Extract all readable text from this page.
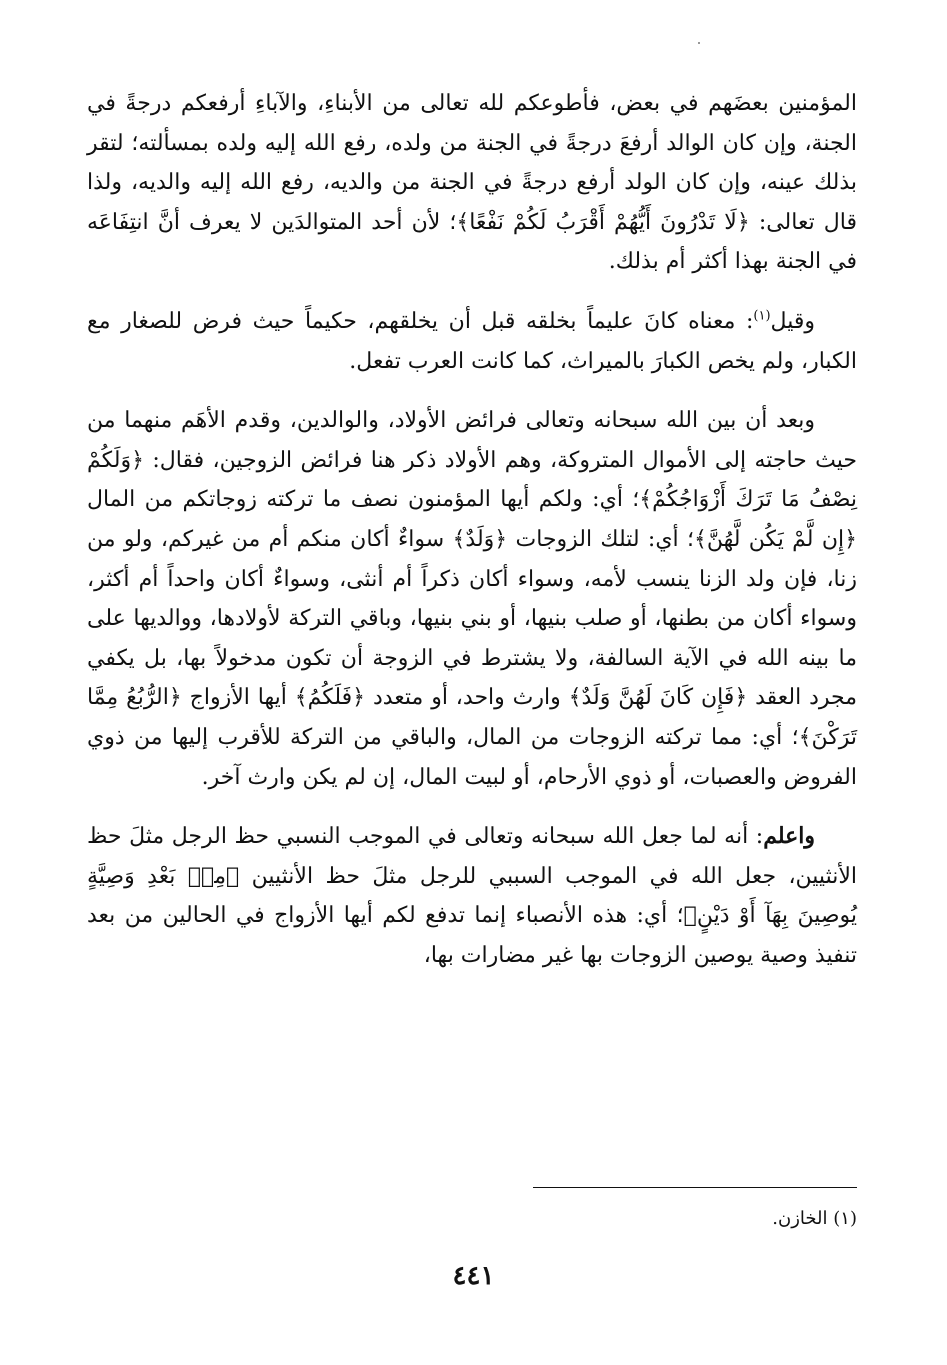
المؤمنين بعضَهم في بعض، فأطوعكم لله تعالى من الأبناءِ، والآباءِ أرفعكم درجةً في الجنة، وإن كان الوالد أرفعَ درجةً في الجنة من ولده، رفع الله إليه ولده بمسألته؛ لتقر بذلك عينه، وإن كان الولد أرفع درجةً في الجنة من والديه، رفع الله إليه والديه، ولذا قال تعالى: ﴿لَا تَدْرُونَ أَيُّهُمْ أَقْرَبُ لَكُمْ نَفْعًا﴾؛ لأن أحد المتوالدَين لا يعرف أنَّ انتِفَاعَه في الجنة بهذا أكثر أم بذلك.

وقيل$^{(١)}$: معناه كانَ عليماً بخلقه قبل أن يخلقهم، حكيماً حيث فرض للصغار مع الكبار، ولم يخص الكبارَ بالميراث، كما كانت العرب تفعل.

وبعد أن بين الله سبحانه وتعالى فرائض الأولاد، والوالدين، وقدم الأهَم منهما من حيث حاجته إلى الأموال المتروكة، وهم الأولاد ذكر هنا فرائض الزوجين، فقال: ﴿وَلَكُمْ نِصْفُ مَا تَرَكَ أَزْوَاجُكُمْ﴾؛ أي: ولكم أيها المؤمنون نصف ما تركته زوجاتكم من المال ﴿إِن لَّمْ يَكُن لَّهُنَّ﴾؛ أي: لتلك الزوجات ﴿وَلَدٌ﴾ سواءٌ أكان منكم أم من غيركم، ولو من زنا، فإن ولد الزنا ينسب لأمه، وسواء أكان ذكراً أم أنثى، وسواءٌ أكان واحداً أم أكثر، وسواء أكان من بطنها، أو صلب بنيها، أو بني بنيها، وباقي التركة لأولادها، ووالديها على ما بينه الله في الآية السالفة، ولا يشترط في الزوجة أن تكون مدخولاً بها، بل يكفي مجرد العقد ﴿فَإِن كَانَ لَهُنَّ وَلَدٌ﴾ وارث واحد، أو متعدد ﴿فَلَكُمُ﴾ أيها الأزواج ﴿الرُّبُعُ مِمَّا تَرَكْنَ﴾؛ أي: مما تركته الزوجات من المال، والباقي من التركة للأقرب إليها من ذوي الفروض والعصبات، أو ذوي الأرحام، أو لبيت المال، إن لم يكن وارث آخر.

واعلم: أنه لما جعل الله سبحانه وتعالى في الموجب النسبي حظ الرجل مثلَ حظ الأنثيين، جعل الله في الموجب السببي للرجل مثلَ حظ الأنثيين ﴿مِنۢ بَعْدِ وَصِيَّةٍ يُوصِينَ بِهَآ أَوْ دَيْنٍ﴾؛ أي: هذه الأنصباء إنما تدفع لكم أيها الأزواج في الحالين من بعد تنفيذ وصية يوصين الزوجات بها غير مضارات بها،

(١) الخازن.
٤٤١
